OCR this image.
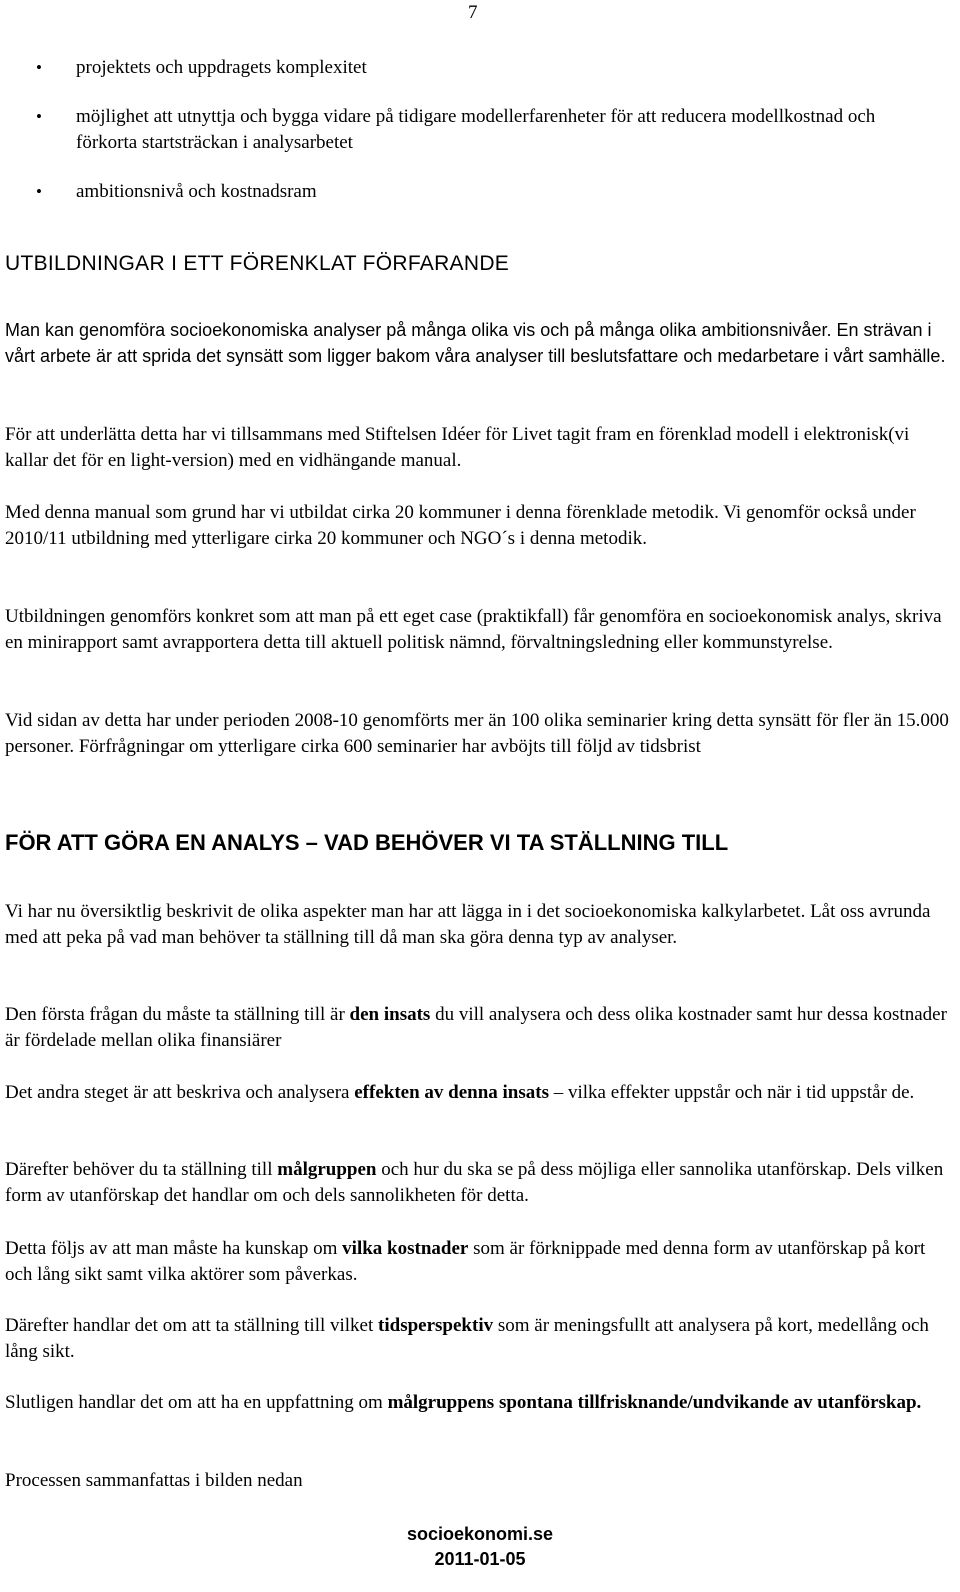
7
• projektets och uppdragets komplexitet
• möjlighet att utnyttja och bygga vidare på tidigare modellerfarenheter för att reducera modellkostnad och förkorta startsträckan i analysarbetet
• ambitionsnivå och kostnadsram
UTBILDNINGAR I ETT FÖRENKLAT FÖRFARANDE

Man kan genomföra socioekonomiska analyser på många olika vis och på många olika ambitionsnivåer. En strävan i vårt arbete är att sprida det synsätt som ligger bakom våra analyser till beslutsfattare och medarbetare i vårt samhälle.

För att underlätta detta har vi tillsammans med Stiftelsen Idéer för Livet tagit fram en förenklad modell i elektronisk(vi kallar det för en light-version) med en vidhängande manual.

Med denna manual som grund har vi utbildat cirka 20 kommuner i denna förenklade metodik. Vi genomför också under 2010/11 utbildning med ytterligare cirka 20 kommuner och NGO´s i denna metodik.

Utbildningen genomförs konkret som att man på ett eget case (praktikfall) får genomföra en socioekonomisk analys, skriva en minirapport samt avrapportera detta till aktuell politisk nämnd, förvaltningsledning eller kommunstyrelse.

Vid sidan av detta har under perioden 2008-10 genomförts mer än 100 olika seminarier kring detta synsätt för fler än 15.000 personer. Förfrågningar om ytterligare cirka 600 seminarier har avböjts till följd av tidsbrist

FÖR ATT GÖRA EN ANALYS – VAD BEHÖVER VI TA STÄLLNING TILL

Vi har nu översiktlig beskrivit de olika aspekter man har att lägga in i det socioekonomiska kalkylarbetet. Låt oss avrunda med att peka på vad man behöver ta ställning till då man ska göra denna typ av analyser.

Den första frågan du måste ta ställning till är den insats du vill analysera och dess olika kostnader samt hur dessa kostnader är fördelade mellan olika finansiärer

Det andra steget är att beskriva och analysera effekten av denna insats – vilka effekter uppstår och när i tid uppstår de.

Därefter behöver du ta ställning till målgruppen och hur du ska se på dess möjliga eller sannolika utanförskap. Dels vilken form av utanförskap det handlar om och dels sannolikheten för detta.

Detta följs av att man måste ha kunskap om vilka kostnader som är förknippade med denna form av utanförskap på kort och lång sikt samt vilka aktörer som påverkas.

Därefter handlar det om att ta ställning till vilket tidsperspektiv som är meningsfullt att analysera på kort, medellång och lång sikt.

Slutligen handlar det om att ha en uppfattning om målgruppens spontana tillfrisknande/undvikande av utanförskap.

Processen sammanfattas i bilden nedan

socioekonomi.se
2011-01-05
